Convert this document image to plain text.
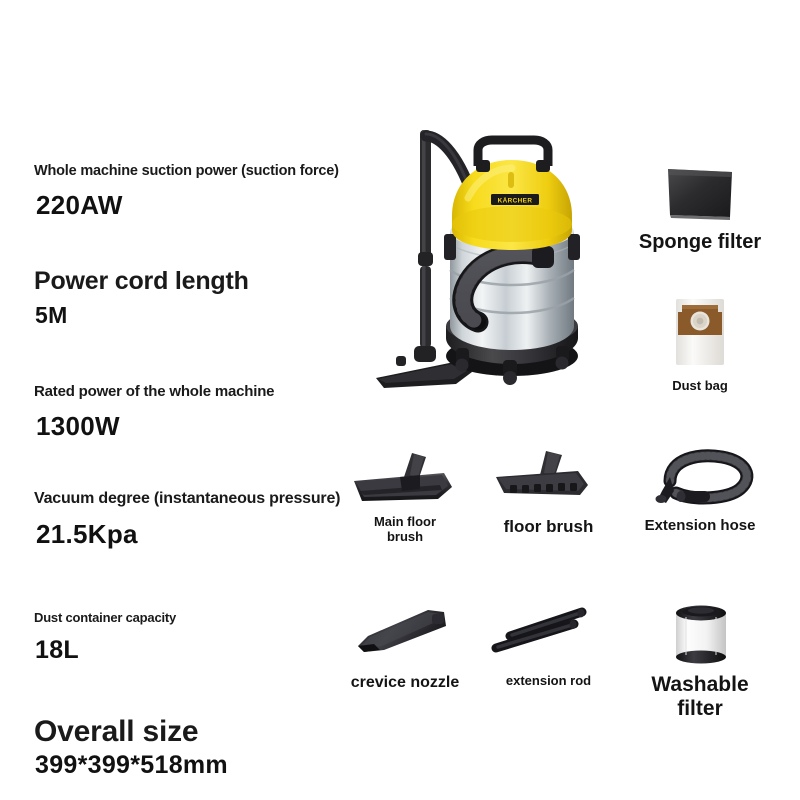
Whole machine suction power (suction force)
220AW
Power cord length
5M
Rated power of the whole machine
1300W
Vacuum degree (instantaneous pressure)
21.5Kpa
Dust container capacity
18L
Overall size
399*399*518mm
KÄRCHER
Sponge filter
Dust bag
Main floor
brush
floor brush	Extension hose
crevice nozzle	extension rod	Washable filter
